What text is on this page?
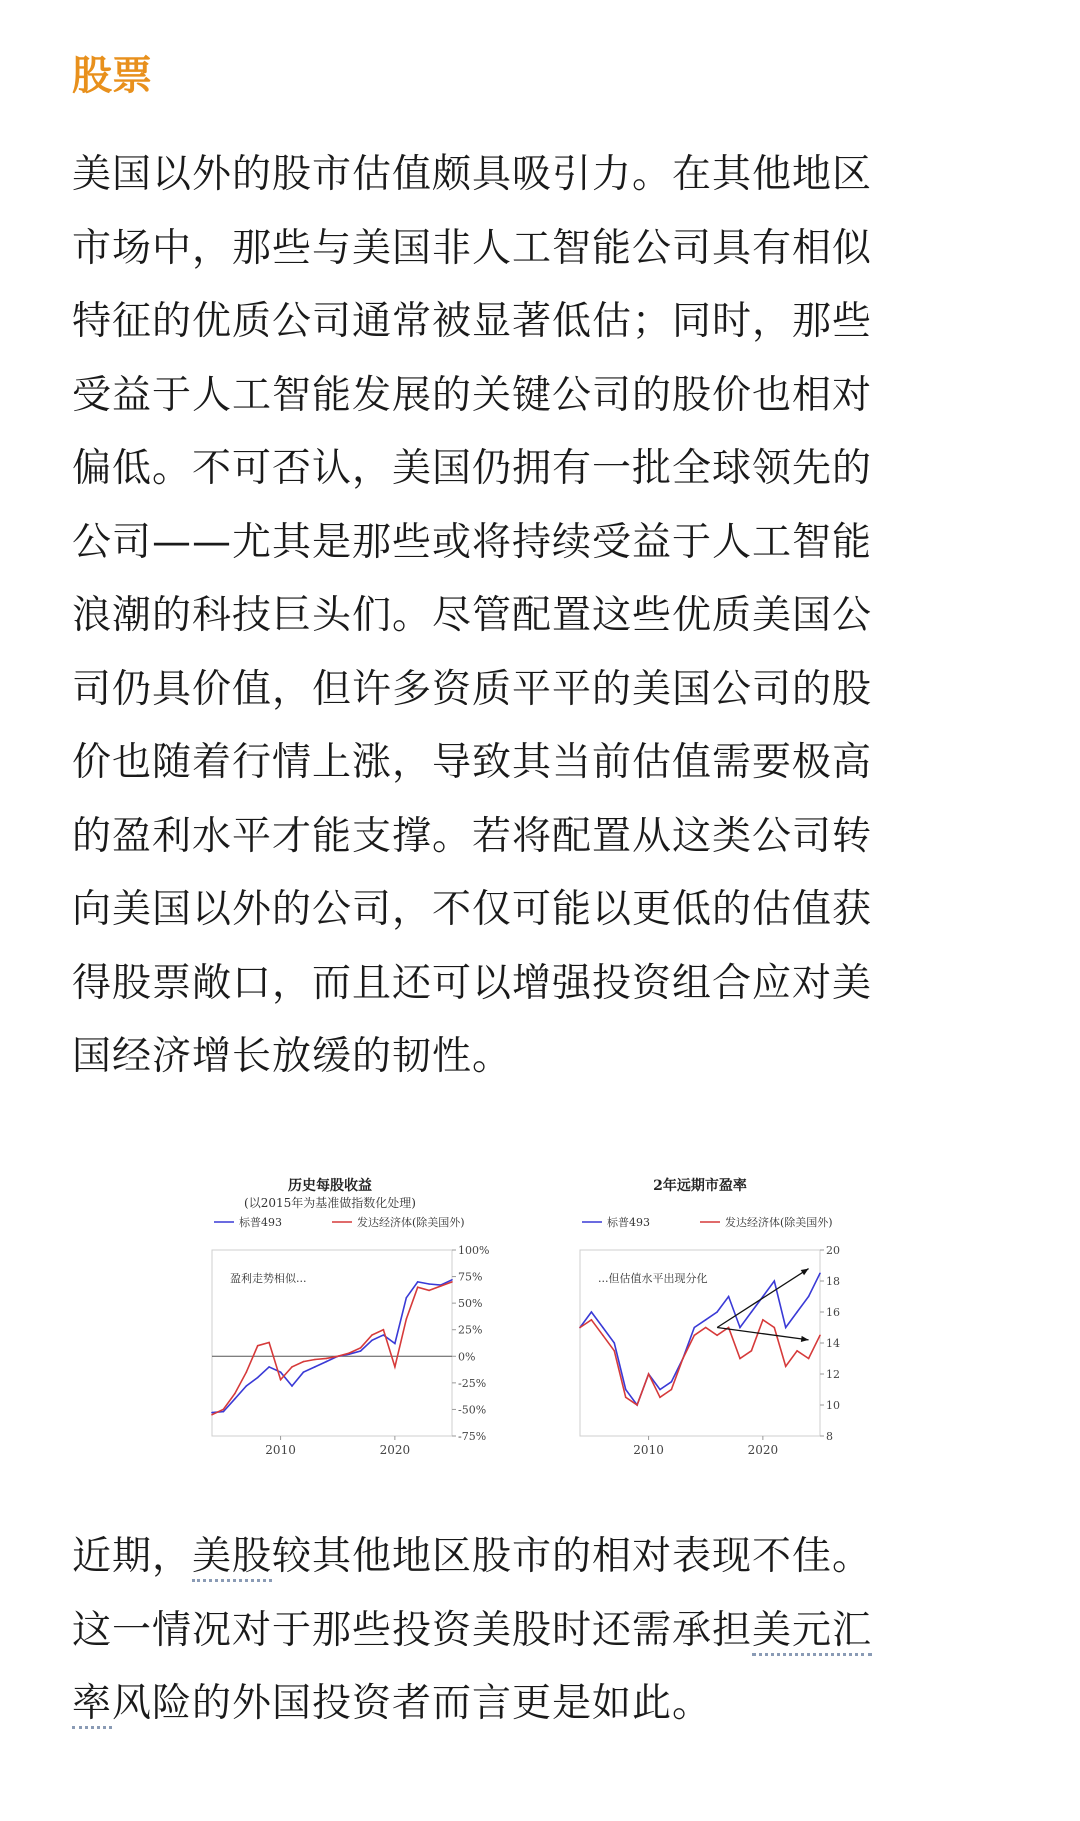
股票
美国以外的股市估值颇具吸引力。在其他地区
市场中，那些与美国非人工智能公司具有相似
特征的优质公司通常被显著低估；同时，那些
受益于人工智能发展的关键公司的股价也相对
偏低。不可否认，美国仍拥有一批全球领先的
公司——尤其是那些或将持续受益于人工智能
浪潮的科技巨头们。尽管配置这些优质美国公
司仍具价值，但许多资质平平的美国公司的股
价也随着行情上涨，导致其当前估值需要极高
的盈利水平才能支撑。若将配置从这类公司转
向美国以外的公司，不仅可能以更低的估值获
得股票敞口，而且还可以增强投资组合应对美
国经济增长放缓的韧性。
历史每股收益
(以2015年为基准做指数化处理)
标普493	发达经济体(除美国外)
100%
75%
50%
25%
0%
-25%
-50%
-75%
2010	2020
盈利走势相似...
2年远期市盈率
标普493	发达经济体(除美国外)
20
18
16
14
12
10
8
2010	2020
...但估值水平出现分化
近期，美股较其他地区股市的相对表现不佳。
这一情况对于那些投资美股时还需承担美元汇
率风险的外国投资者而言更是如此。
